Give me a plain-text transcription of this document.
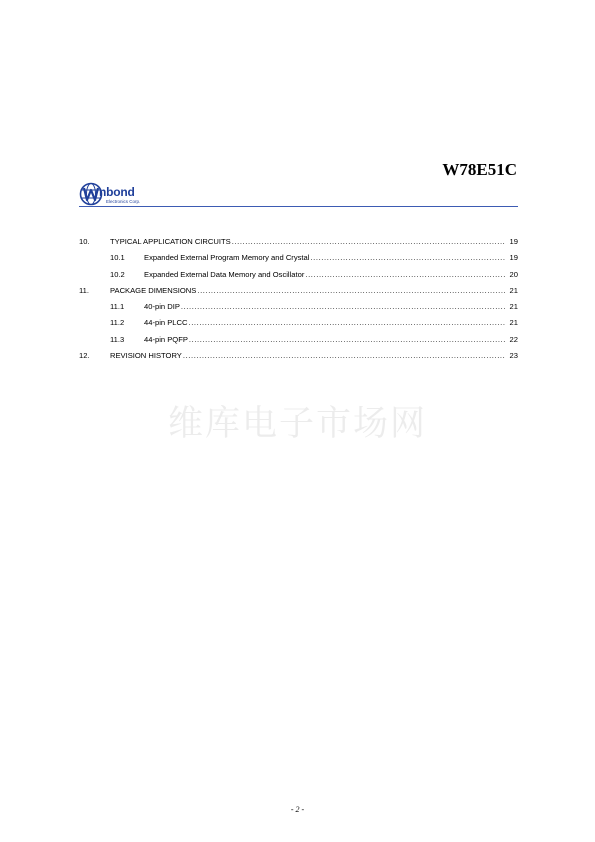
W78E51C
nbond
Electronics Corp.
10.	TYPICAL APPLICATION CIRCUITS .....	19
10.1	Expanded External Program Memory and Crystal .....	19
10.2	Expanded External Data Memory and Oscillator .....	20
11.	PACKAGE DIMENSIONS .....	21
11.1	40-pin DIP .....	21
11.2	44-pin PLCC .....	21
11.3	44-pin PQFP .....	22
12.	REVISION HISTORY .....	23
维库电子市场网
- 2 -
